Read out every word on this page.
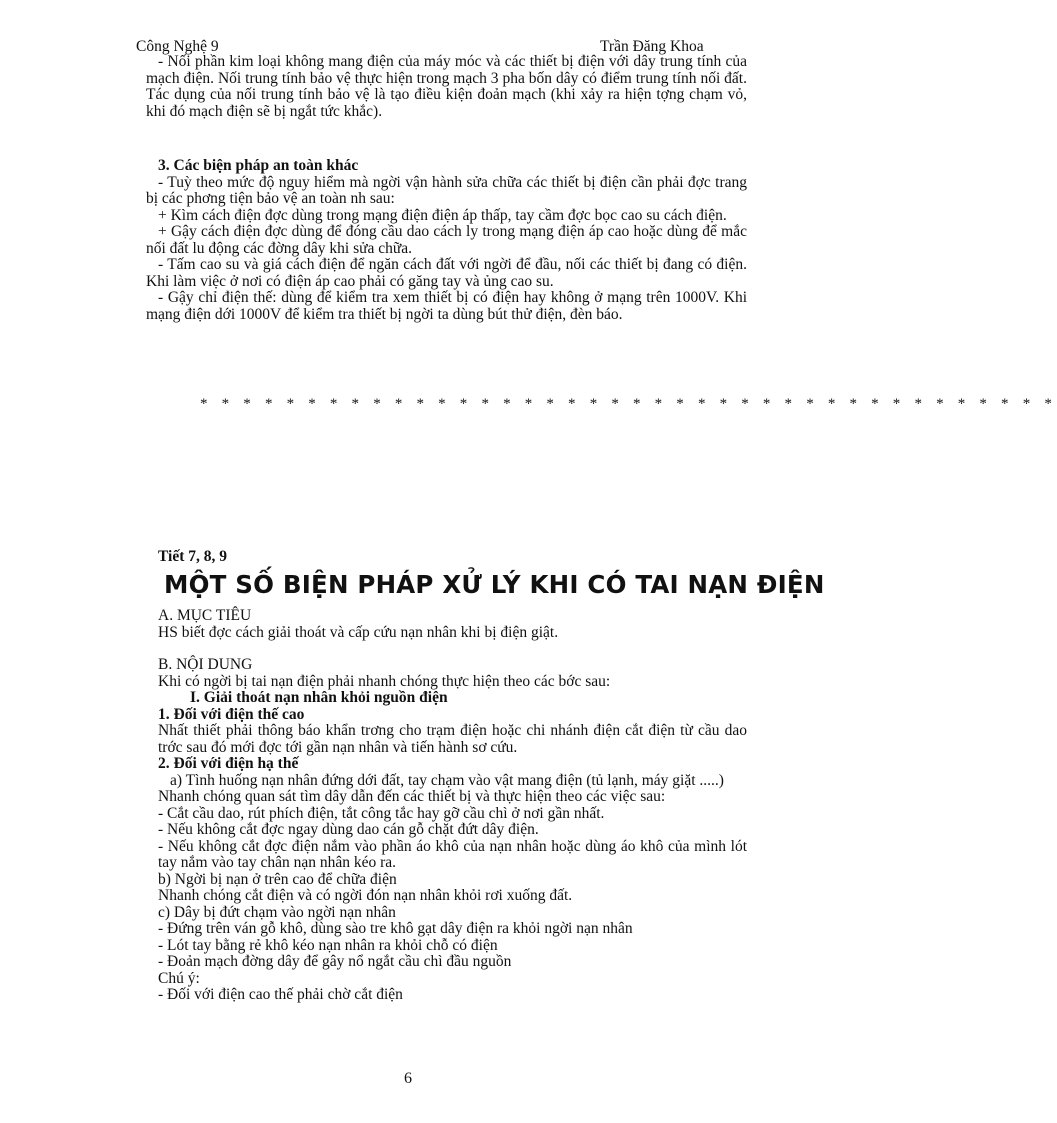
Công Nghệ 9	Trần Đăng Khoa

- Nối phần kim loại không mang điện của máy móc và các thiết bị điện với dây trung tính của mạch điện. Nối trung tính bảo vệ thực hiện trong mạch 3 pha bốn dây có điểm trung tính nối đất. Tác dụng của nối trung tính bảo vệ là tạo điều kiện đoản mạch (khi xảy ra hiện tợng chạm vỏ, khi đó mạch điện sẽ bị ngắt tức khắc).

3. Các biện pháp an toàn khác

- Tuỳ theo mức độ nguy hiểm mà ngời vận hành sửa chữa các thiết bị điện cần phải đợc trang bị các phơng tiện bảo vệ an toàn nh sau:

+ Kìm cách điện đợc dùng trong mạng điện điện áp thấp, tay cầm đợc bọc cao su cách điện.

+ Gậy cách điện đợc dùng để đóng cầu dao cách ly trong mạng điện áp cao hoặc dùng để mắc nối đất lu động các đờng dây khi sửa chữa.

- Tấm cao su và giá cách điện để ngăn cách đất với ngời để đầu, nối các thiết bị đang có điện. Khi làm việc ở nơi có điện áp cao phải có găng tay và ủng cao su.

- Gậy chỉ điện thế: dùng để kiểm tra xem thiết bị có điện hay không ở mạng trên 1000V. Khi mạng điện dới 1000V để kiểm tra thiết bị ngời ta dùng bút thử điện, đèn báo.

* * * * * * * * * * * * * * * * * * * * * * * * * * * * * * * * * * * * * * * *

Tiết 7, 8, 9

MỘT SỐ BIỆN PHÁP XỬ LÝ KHI CÓ TAI NẠN ĐIỆN

A. MỤC TIÊU

HS biết đợc cách giải thoát và cấp cứu nạn nhân khi bị điện giật.

B. NỘI DUNG

Khi có ngời bị tai nạn điện phải nhanh chóng thực hiện theo các bớc sau:

I. Giải thoát nạn nhân khỏi nguồn điện

1. Đối với điện thế cao

Nhất thiết phải thông báo khẩn trơng cho trạm điện hoặc chi nhánh điện cắt điện từ cầu dao trớc sau đó mới đợc tới gần nạn nhân và tiến hành sơ cứu.

2. Đối với điện hạ thế

a) Tình huống nạn nhân đứng dới đất, tay chạm vào vật mang điện (tủ lạnh, máy giặt .....)

Nhanh chóng quan sát tìm dây dẫn đến các thiết bị và thực hiện theo các việc sau:

- Cắt cầu dao, rút phích điện, tắt công tắc hay gỡ cầu chì ở nơi gần nhất.

- Nếu không cắt đợc ngay dùng dao cán gỗ chặt đứt dây điện.

- Nếu không cắt đợc điện nắm vào phần áo khô của nạn nhân hoặc dùng áo khô của mình lót tay nắm vào tay chân nạn nhân kéo ra.

b) Ngời bị nạn ở trên cao để chữa điện

Nhanh chóng cắt điện và có ngời đón nạn nhân khỏi rơi xuống đất.

c) Dây bị đứt chạm vào ngời nạn nhân

- Đứng trên ván gỗ khô, dùng sào tre khô gạt dây điện ra khỏi ngời nạn nhân

- Lót tay bằng rẻ khô kéo nạn nhân ra khỏi chỗ có điện

- Đoản mạch đờng dây để gây nổ ngắt cầu chì đầu nguồn

Chú ý:

- Đối với điện cao thế phải chờ cắt điện

6
